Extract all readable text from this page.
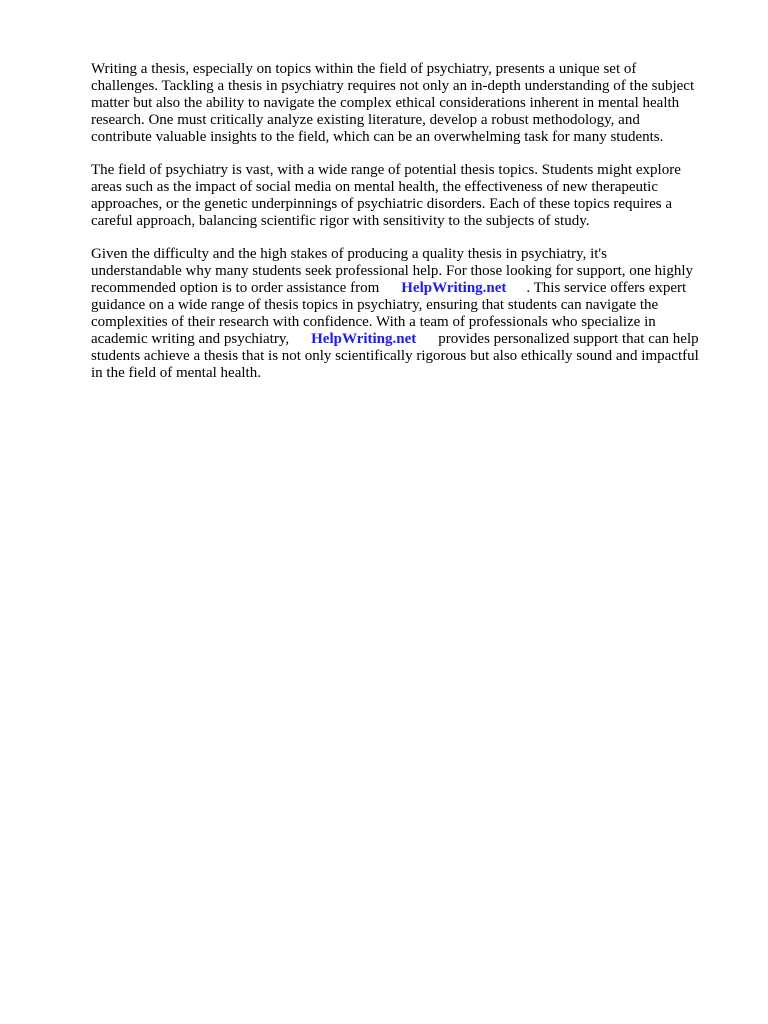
Writing a thesis, especially on topics within the field of psychiatry, presents a unique set of
challenges. Tackling a thesis in psychiatry requires not only an in-depth understanding of the subject
matter but also the ability to navigate the complex ethical considerations inherent in mental health
research. One must critically analyze existing literature, develop a robust methodology, and
contribute valuable insights to the field, which can be an overwhelming task for many students.
The field of psychiatry is vast, with a wide range of potential thesis topics. Students might explore
areas such as the impact of social media on mental health, the effectiveness of new therapeutic
approaches, or the genetic underpinnings of psychiatric disorders. Each of these topics requires a
careful approach, balancing scientific rigor with sensitivity to the subjects of study.
Given the difficulty and the high stakes of producing a quality thesis in psychiatry, it's
understandable why many students seek professional help. For those looking for support, one highly
recommended option is to order assistance from HelpWriting.net . This service offers expert
guidance on a wide range of thesis topics in psychiatry, ensuring that students can navigate the
complexities of their research with confidence. With a team of professionals who specialize in
academic writing and psychiatry, HelpWriting.net provides personalized support that can help
students achieve a thesis that is not only scientifically rigorous but also ethically sound and impactful
in the field of mental health.
